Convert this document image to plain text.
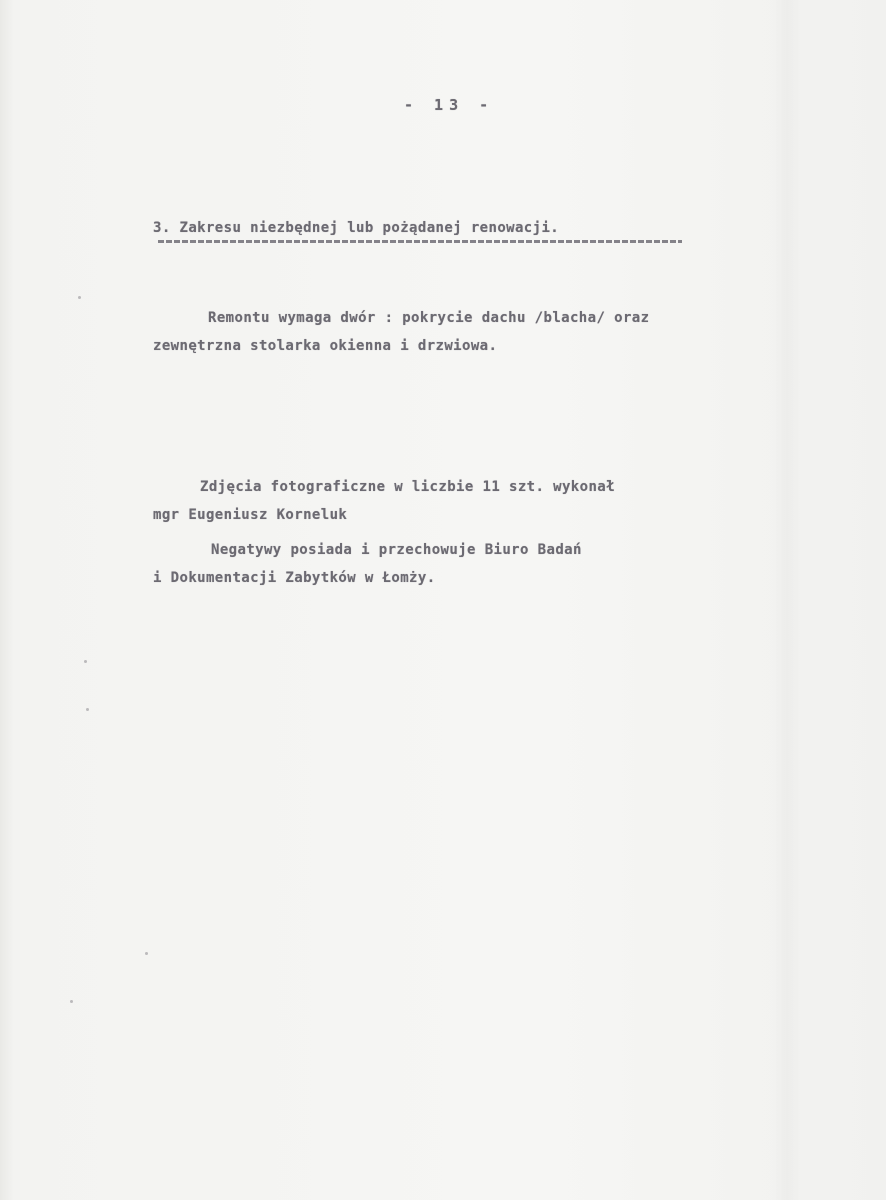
- 13 -
3. Zakresu niezbędnej lub pożądanej renowacji.
Remontu wymaga dwór : pokrycie dachu /blacha/ oraz
zewnętrzna stolarka okienna i drzwiowa.
Zdjęcia fotograficzne w liczbie 11 szt. wykonał
mgr Eugeniusz Korneluk
Negatywy posiada i przechowuje Biuro Badań
i Dokumentacji Zabytków w Łomży.
